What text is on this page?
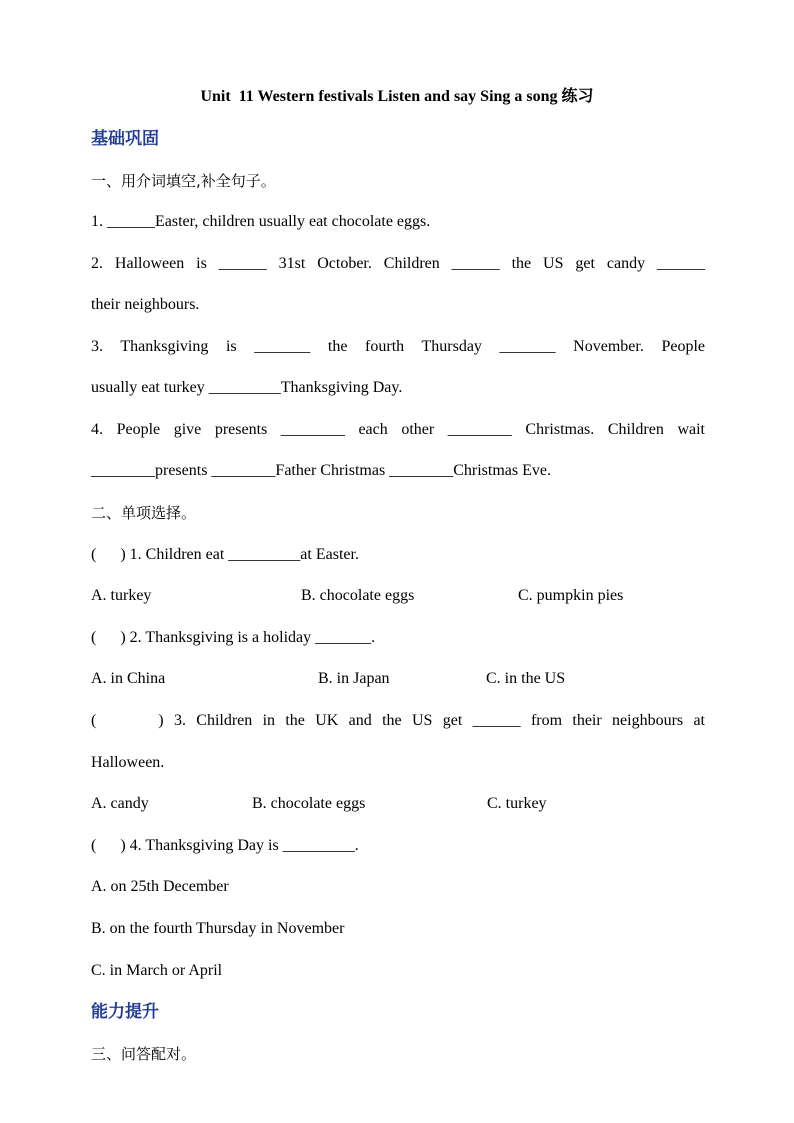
Unit  11 Western festivals Listen and say Sing a song 练习
基础巩固
一、用介词填空,补全句子。
1. ______Easter, children usually eat chocolate eggs.
2. Halloween is ______ 31st October. Children ______ the US get candy ______
their neighbours.
3. Thanksgiving is _______ the fourth Thursday _______ November. People
usually eat turkey _________Thanksgiving Day.
4. People give presents ________ each other ________ Christmas. Children wait
________presents ________Father Christmas ________Christmas Eve.
二、单项选择。
(      ) 1. Children eat _________at Easter.
A. turkey	B. chocolate eggs	C. pumpkin pies
(      ) 2. Thanksgiving is a holiday _______.
A. in China	B. in Japan	C. in the US
(      ) 3. Children in the UK and the US get ______ from their neighbours at
Halloween.
A. candy	B. chocolate eggs	C. turkey
(      ) 4. Thanksgiving Day is _________.
A. on 25th December
B. on the fourth Thursday in November
C. in March or April
能力提升
三、问答配对。
